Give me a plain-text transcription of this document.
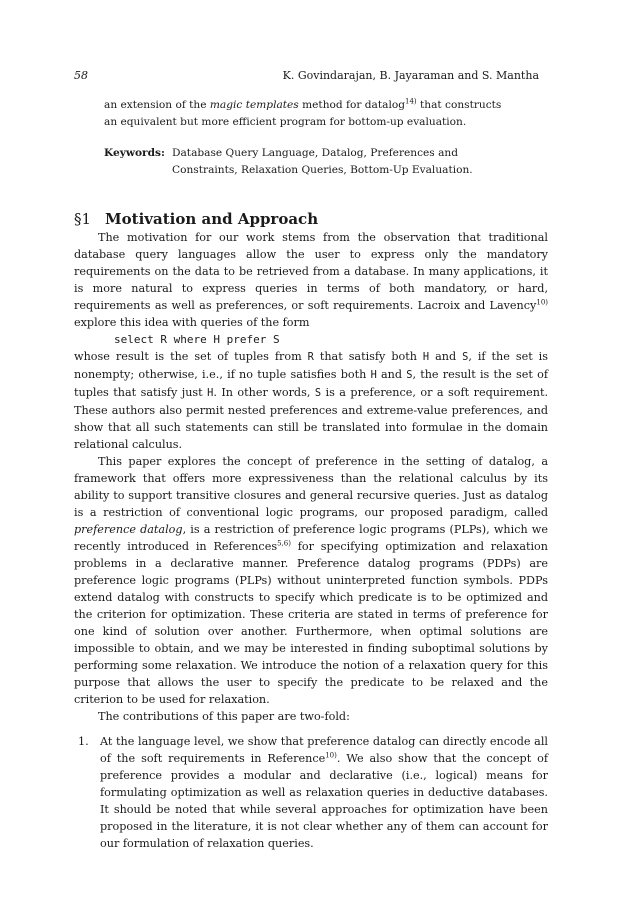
58	K. Govindarajan, B. Jayaraman and S. Mantha
an extension of the magic templates method for datalog$^{14)}$ that constructs an equivalent but more efficient program for bottom-up evaluation.
Keywords: Database Query Language, Datalog, Preferences and Constraints, Relaxation Queries, Bottom-Up Evaluation.
§1 Motivation and Approach

The motivation for our work stems from the observation that traditional database query languages allow the user to express only the mandatory requirements on the data to be retrieved from a database. In many applications, it is more natural to express queries in terms of both mandatory, or hard, requirements as well as preferences, or soft requirements. Lacroix and Lavency$^{10)}$ explore this idea with queries of the form

select R where H prefer S

whose result is the set of tuples from R that satisfy both H and S, if the set is nonempty; otherwise, i.e., if no tuple satisfies both H and S, the result is the set of tuples that satisfy just H. In other words, S is a preference, or a soft requirement. These authors also permit nested preferences and extreme-value preferences, and show that all such statements can still be translated into formulae in the domain relational calculus.

This paper explores the concept of preference in the setting of datalog, a framework that offers more expressiveness than the relational calculus by its ability to support transitive closures and general recursive queries. Just as datalog is a restriction of conventional logic programs, our proposed paradigm, called preference datalog, is a restriction of preference logic programs (PLPs), which we recently introduced in References$^{5,6)}$ for specifying optimization and relaxation problems in a declarative manner. Preference datalog programs (PDPs) are preference logic programs (PLPs) without uninterpreted function symbols. PDPs extend datalog with constructs to specify which predicate is to be optimized and the criterion for optimization. These criteria are stated in terms of preference for one kind of solution over another. Furthermore, when optimal solutions are impossible to obtain, and we may be interested in finding suboptimal solutions by performing some relaxation. We introduce the notion of a relaxation query for this purpose that allows the user to specify the predicate to be relaxed and the criterion to be used for relaxation.

The contributions of this paper are two-fold:

1.	At the language level, we show that preference datalog can directly encode all of the soft requirements in Reference$^{10)}$. We also show that the concept of preference provides a modular and declarative (i.e., logical) means for formulating optimization as well as relaxation queries in deductive databases. It should be noted that while several approaches for optimization have been proposed in the literature, it is not clear whether any of them can account for our formulation of relaxation queries.
